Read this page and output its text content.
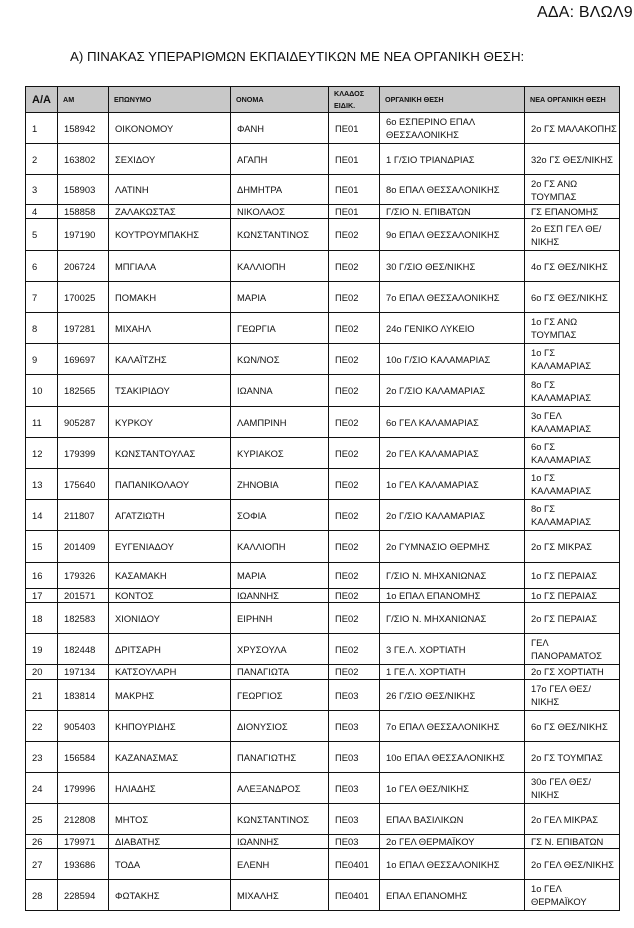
ΑΔΑ: ΒΛΩΛ9
Α) ΠΙΝΑΚΑΣ ΥΠΕΡΑΡΙΘΜΩΝ ΕΚΠΑΙΔΕΥΤΙΚΩΝ ΜΕ ΝΕΑ ΟΡΓΑΝΙΚΗ ΘΕΣΗ:
Α/Α	ΑΜ	ΕΠΩΝΥΜΟ	ΟΝΟΜΑ	ΚΛΑΔΟΣ ΕΙΔΙΚ.	ΟΡΓΑΝΙΚΗ ΘΕΣΗ	ΝΕΑ ΟΡΓΑΝΙΚΗ ΘΕΣΗ
1	158942	ΟΙΚΟΝΟΜΟΥ	ΦΑΝΗ	ΠΕ01	6ο ΕΣΠΕΡΙΝΟ ΕΠΑΛ ΘΕΣΣΑΛΟΝΙΚΗΣ	2ο ΓΣ ΜΑΛΑΚΟΠΗΣ
2	163802	ΣΕΧΙΔΟΥ	ΑΓΑΠΗ	ΠΕ01	1 Γ/ΣΙΟ ΤΡΙΑΝΔΡΙΑΣ	32ο ΓΣ ΘΕΣ/ΝΙΚΗΣ
3	158903	ΛΑΤΙΝΗ	ΔΗΜΗΤΡΑ	ΠΕ01	8ο ΕΠΑΛ ΘΕΣΣΑΛΟΝΙΚΗΣ	2ο ΓΣ ΑΝΩ ΤΟΥΜΠΑΣ
4	158858	ΖΑΛΑΚΩΣΤΑΣ	ΝΙΚΟΛΑΟΣ	ΠΕ01	Γ/ΣΙΟ Ν. ΕΠΙΒΑΤΩΝ	ΓΣ ΕΠΑΝΟΜΗΣ
5	197190	ΚΟΥΤΡΟΥΜΠΑΚΗΣ	ΚΩΝΣΤΑΝΤΙΝΟΣ	ΠΕ02	9ο ΕΠΑΛ ΘΕΣΣΑΛΟΝΙΚΗΣ	2ο ΕΣΠ ΓΕΛ ΘΕ/ΝΙΚΗΣ
6	206724	ΜΠΓΙΑΛΑ	ΚΑΛΛΙΟΠΗ	ΠΕ02	30 Γ/ΣΙΟ ΘΕΣ/ΝΙΚΗΣ	4ο ΓΣ ΘΕΣ/ΝΙΚΗΣ
7	170025	ΠΟΜΑΚΗ	ΜΑΡΙΑ	ΠΕ02	7ο ΕΠΑΛ ΘΕΣΣΑΛΟΝΙΚΗΣ	6ο ΓΣ ΘΕΣ/ΝΙΚΗΣ
8	197281	ΜΙΧΑΗΛ	ΓΕΩΡΓΙΑ	ΠΕ02	24ο ΓΕΝΙΚΟ ΛΥΚΕΙΟ	1ο ΓΣ ΑΝΩ ΤΟΥΜΠΑΣ
9	169697	ΚΑΛΑΪΤΖΗΣ	ΚΩΝ/ΝΟΣ	ΠΕ02	10ο Γ/ΣΙΟ ΚΑΛΑΜΑΡΙΑΣ	1ο ΓΣ ΚΑΛΑΜΑΡΙΑΣ
10	182565	ΤΣΑΚΙΡΙΔΟΥ	ΙΩΑΝΝΑ	ΠΕ02	2ο Γ/ΣΙΟ ΚΑΛΑΜΑΡΙΑΣ	8ο ΓΣ ΚΑΛΑΜΑΡΙΑΣ
11	905287	ΚΥΡΚΟΥ	ΛΑΜΠΡΙΝΗ	ΠΕ02	6ο ΓΕΛ ΚΑΛΑΜΑΡΙΑΣ	3ο ΓΕΛ ΚΑΛΑΜΑΡΙΑΣ
12	179399	ΚΩΝΣΤΑΝΤΟΥΛΑΣ	ΚΥΡΙΑΚΟΣ	ΠΕ02	2ο ΓΕΛ ΚΑΛΑΜΑΡΙΑΣ	6ο ΓΣ ΚΑΛΑΜΑΡΙΑΣ
13	175640	ΠΑΠΑΝΙΚΟΛΑΟΥ	ΖΗΝΟΒΙΑ	ΠΕ02	1ο ΓΕΛ ΚΑΛΑΜΑΡΙΑΣ	1ο ΓΣ ΚΑΛΑΜΑΡΙΑΣ
14	211807	ΑΓΑΤΖΙΩΤΗ	ΣΟΦΙΑ	ΠΕ02	2ο Γ/ΣΙΟ ΚΑΛΑΜΑΡΙΑΣ	8ο ΓΣ ΚΑΛΑΜΑΡΙΑΣ
15	201409	ΕΥΓΕΝΙΑΔΟΥ	ΚΑΛΛΙΟΠΗ	ΠΕ02	2ο ΓΥΜΝΑΣΙΟ ΘΕΡΜΗΣ	2ο ΓΣ ΜΙΚΡΑΣ
16	179326	ΚΑΣΑΜΑΚΗ	ΜΑΡΙΑ	ΠΕ02	Γ/ΣΙΟ Ν. ΜΗΧΑΝΙΩΝΑΣ	1ο ΓΣ ΠΕΡΑΙΑΣ
17	201571	ΚΟΝΤΟΣ	ΙΩΑΝΝΗΣ	ΠΕ02	1ο ΕΠΑΛ ΕΠΑΝΟΜΗΣ	1ο ΓΣ ΠΕΡΑΙΑΣ
18	182583	ΧΙΟΝΙΔΟΥ	ΕΙΡΗΝΗ	ΠΕ02	Γ/ΣΙΟ Ν. ΜΗΧΑΝΙΩΝΑΣ	2ο ΓΣ ΠΕΡΑΙΑΣ
19	182448	ΔΡΙΤΣΑΡΗ	ΧΡΥΣΟΥΛΑ	ΠΕ02	3 ΓΕ.Λ. ΧΟΡΤΙΑΤΗ	ΓΕΛ ΠΑΝΟΡΑΜΑΤΟΣ
20	197134	ΚΑΤΣΟΥΛΑΡΗ	ΠΑΝΑΓΙΩΤΑ	ΠΕ02	1 ΓΕ.Λ. ΧΟΡΤΙΑΤΗ	2ο ΓΣ ΧΟΡΤΙΑΤΗ
21	183814	ΜΑΚΡΗΣ	ΓΕΩΡΓΙΟΣ	ΠΕ03	26 Γ/ΣΙΟ ΘΕΣ/ΝΙΚΗΣ	17ο ΓΕΛ ΘΕΣ/ΝΙΚΗΣ
22	905403	ΚΗΠΟΥΡΙΔΗΣ	ΔΙΟΝΥΣΙΟΣ	ΠΕ03	7ο ΕΠΑΛ ΘΕΣΣΑΛΟΝΙΚΗΣ	6ο ΓΣ ΘΕΣ/ΝΙΚΗΣ
23	156584	ΚΑΖΑΝΑΣΜΑΣ	ΠΑΝΑΓΙΩΤΗΣ	ΠΕ03	10ο ΕΠΑΛ ΘΕΣΣΑΛΟΝΙΚΗΣ	2ο ΓΣ ΤΟΥΜΠΑΣ
24	179996	ΗΛΙΑΔΗΣ	ΑΛΕΞΑΝΔΡΟΣ	ΠΕ03	1ο ΓΕΛ ΘΕΣ/ΝΙΚΗΣ	30ο ΓΕΛ ΘΕΣ/ΝΙΚΗΣ
25	212808	ΜΗΤΟΣ	ΚΩΝΣΤΑΝΤΙΝΟΣ	ΠΕ03	ΕΠΑΛ ΒΑΣΙΛΙΚΩΝ	2ο ΓΕΛ ΜΙΚΡΑΣ
26	179971	ΔΙΑΒΑΤΗΣ	ΙΩΑΝΝΗΣ	ΠΕ03	2ο ΓΕΛ ΘΕΡΜΑΪΚΟΥ	ΓΣ Ν. ΕΠΙΒΑΤΩΝ
27	193686	ΤΟΔΑ	ΕΛΕΝΗ	ΠΕ0401	1ο ΕΠΑΛ ΘΕΣΣΑΛΟΝΙΚΗΣ	2ο ΓΕΛ ΘΕΣ/ΝΙΚΗΣ
28	228594	ΦΩΤΑΚΗΣ	ΜΙΧΑΛΗΣ	ΠΕ0401	ΕΠΑΛ ΕΠΑΝΟΜΗΣ	1ο ΓΕΛ ΘΕΡΜΑΪΚΟΥ
